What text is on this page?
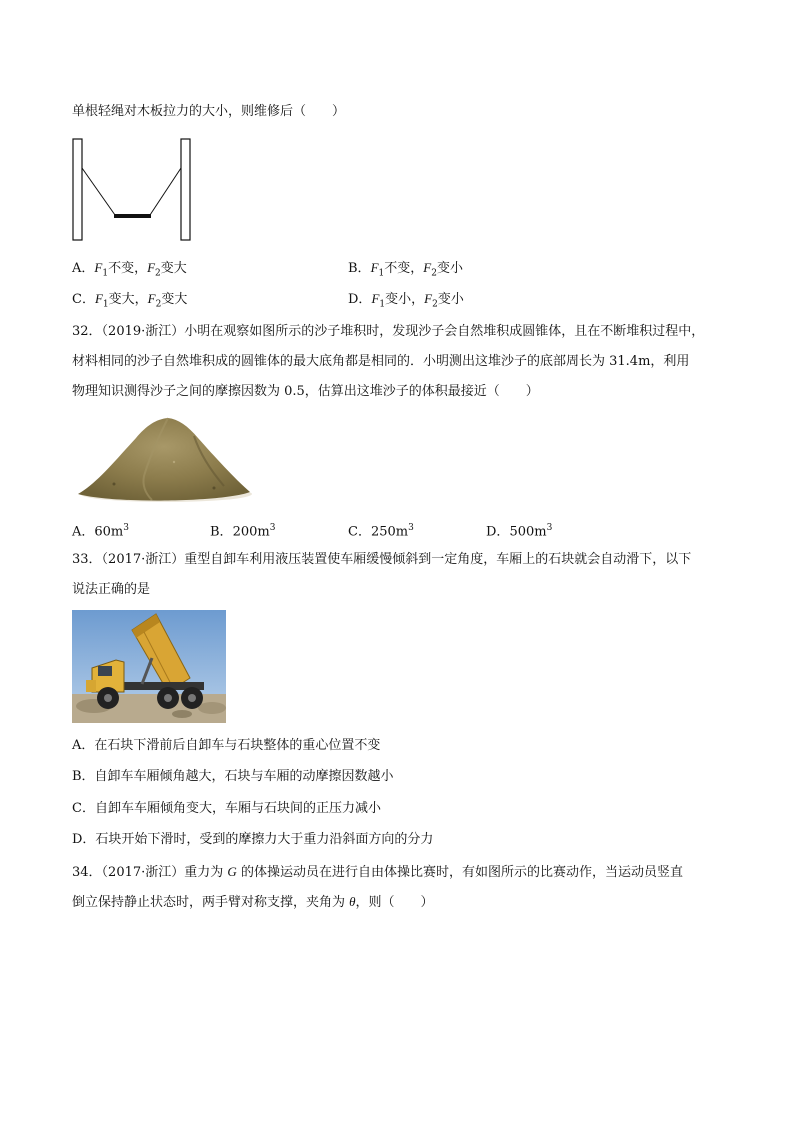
单根轻绳对木板拉力的大小，则维修后（　　）
A．$F_1$不变，$F_2$变大	B．$F_1$不变，$F_2$变小
C．$F_1$变大，$F_2$变大	D．$F_1$变小，$F_2$变小
32．（2019·浙江）小明在观察如图所示的沙子堆积时，发现沙子会自然堆积成圆锥体，且在不断堆积过程中，
材料相同的沙子自然堆积成的圆锥体的最大底角都是相同的．小明测出这堆沙子的底部周长为 31.4m，利用
物理知识测得沙子之间的摩擦因数为 0.5，估算出这堆沙子的体积最接近（　　）
A．$60m^3$	B．$200m^3$	C．$250m^3$	D．$500m^3$
33．（2017·浙江）重型自卸车利用液压装置使车厢缓慢倾斜到一定角度，车厢上的石块就会自动滑下，以下
说法正确的是
A．在石块下滑前后自卸车与石块整体的重心位置不变
B．自卸车车厢倾角越大，石块与车厢的动摩擦因数越小
C．自卸车车厢倾角变大，车厢与石块间的正压力减小
D．石块开始下滑时，受到的摩擦力大于重力沿斜面方向的分力
34．（2017·浙江）重力为 G 的体操运动员在进行自由体操比赛时，有如图所示的比赛动作，当运动员竖直
倒立保持静止状态时，两手臂对称支撑，夹角为 θ，则（　　）
